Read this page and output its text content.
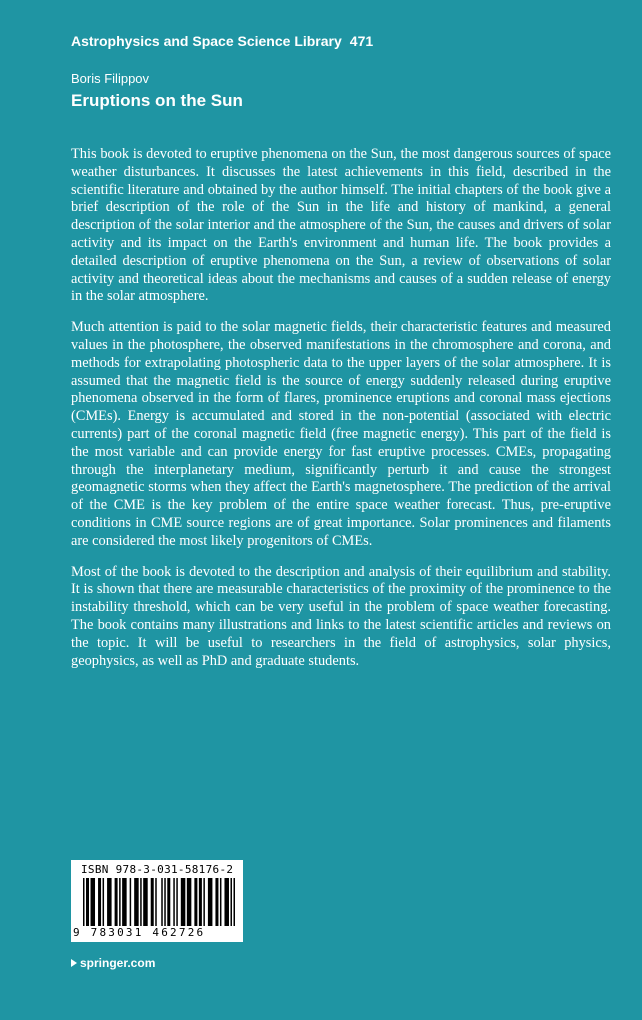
Astrophysics and Space Science Library 471
Boris Filippov
Eruptions on the Sun

This book is devoted to eruptive phenomena on the Sun, the most dangerous sources of space weather disturbances. It discusses the latest achievements in this field, described in the scientific literature and obtained by the author himself. The initial chapters of the book give a brief description of the role of the Sun in the life and history of mankind, a general description of the solar interior and the atmosphere of the Sun, the causes and drivers of solar activity and its impact on the Earth's environment and human life. The book provides a detailed description of eruptive phenomena on the Sun, a review of observations of solar activity and theoretical ideas about the mechanisms and causes of a sudden release of energy in the solar atmosphere.

Much attention is paid to the solar magnetic fields, their characteristic features and measured values in the photosphere, the observed manifestations in the chromosphere and corona, and methods for extrapolating photospheric data to the upper layers of the solar atmosphere. It is assumed that the magnetic field is the source of energy suddenly released during eruptive phenomena observed in the form of flares, prominence eruptions and coronal mass ejections (CMEs). Energy is accumulated and stored in the non-potential (associated with electric currents) part of the coronal magnetic field (free magnetic energy). This part of the field is the most variable and can provide energy for fast eruptive processes. CMEs, propagating through the interplanetary medium, significantly perturb it and cause the strongest geomagnetic storms when they affect the Earth's magnetosphere. The prediction of the arrival of the CME is the key problem of the entire space weather forecast. Thus, pre-eruptive conditions in CME source regions are of great importance. Solar prominences and filaments are considered the most likely progenitors of CMEs.

Most of the book is devoted to the description and analysis of their equilibrium and stability. It is shown that there are measurable characteristics of the proximity of the prominence to the instability threshold, which can be very useful in the problem of space weather forecasting. The book contains many illustrations and links to the latest scientific articles and reviews on the topic. It will be useful to researchers in the field of astrophysics, solar physics, geophysics, as well as PhD and graduate students.

ISBN 978-3-031-58176-2
9 783031 462726
springer.com
